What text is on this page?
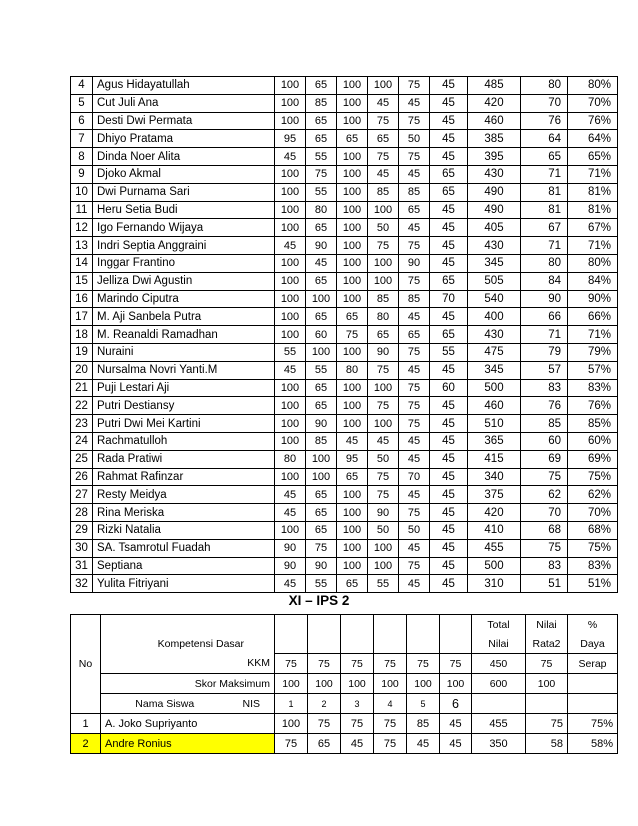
4	Agus Hidayatullah	100	65	100	100	75	45	485	80	80%
5	Cut Juli Ana	100	85	100	45	45	45	420	70	70%
6	Desti Dwi Permata	100	65	100	75	75	45	460	76	76%
7	Dhiyo Pratama	95	65	65	65	50	45	385	64	64%
8	Dinda Noer Alita	45	55	100	75	75	45	395	65	65%
9	Djoko Akmal	100	75	100	45	45	65	430	71	71%
10	Dwi Purnama Sari	100	55	100	85	85	65	490	81	81%
11	Heru Setia Budi	100	80	100	100	65	45	490	81	81%
12	Igo Fernando Wijaya	100	65	100	50	45	45	405	67	67%
13	Indri Septia Anggraini	45	90	100	75	75	45	430	71	71%
14	Inggar Frantino	100	45	100	100	90	45	345	80	80%
15	Jelliza Dwi Agustin	100	65	100	100	75	65	505	84	84%
16	Marindo Ciputra	100	100	100	85	85	70	540	90	90%
17	M. Aji Sanbela Putra	100	65	65	80	45	45	400	66	66%
18	M. Reanaldi Ramadhan	100	60	75	65	65	65	430	71	71%
19	Nuraini	55	100	100	90	75	55	475	79	79%
20	Nursalma Novri Yanti.M	45	55	80	75	45	45	345	57	57%
21	Puji Lestari Aji	100	65	100	100	75	60	500	83	83%
22	Putri Destiansy	100	65	100	75	75	45	460	76	76%
23	Putri Dwi Mei Kartini	100	90	100	100	75	45	510	85	85%
24	Rachmatulloh	100	85	45	45	45	45	365	60	60%
25	Rada Pratiwi	80	100	95	50	45	45	415	69	69%
26	Rahmat Rafinzar	100	100	65	75	70	45	340	75	75%
27	Resty Meidya	45	65	100	75	45	45	375	62	62%
28	Rina Meriska	45	65	100	90	75	45	420	70	70%
29	Rizki Natalia	100	65	100	50	50	45	410	68	68%
30	SA. Tsamrotul Fuadah	90	75	100	100	45	45	455	75	75%
31	Septiana	90	90	100	100	75	45	500	83	83%
32	Yulita Fitriyani	45	55	65	55	45	45	310	51	51%
XI – IPS 2
No									Total	Nilai	%
	Kompetensi Dasar								Nilai	Rata2	Daya
	KKM		75	75	75	75	75	75	450	75	Serap
	Skor Maksimum		100	100	100	100	100	100	600	100	
	Nama Siswa	NIS	1	2	3	4	5	6			
1	A. Joko Supriyanto		100	75	75	75	85	45	455	75	75%
2	Andre Ronius		75	65	45	75	45	45	350	58	58%
